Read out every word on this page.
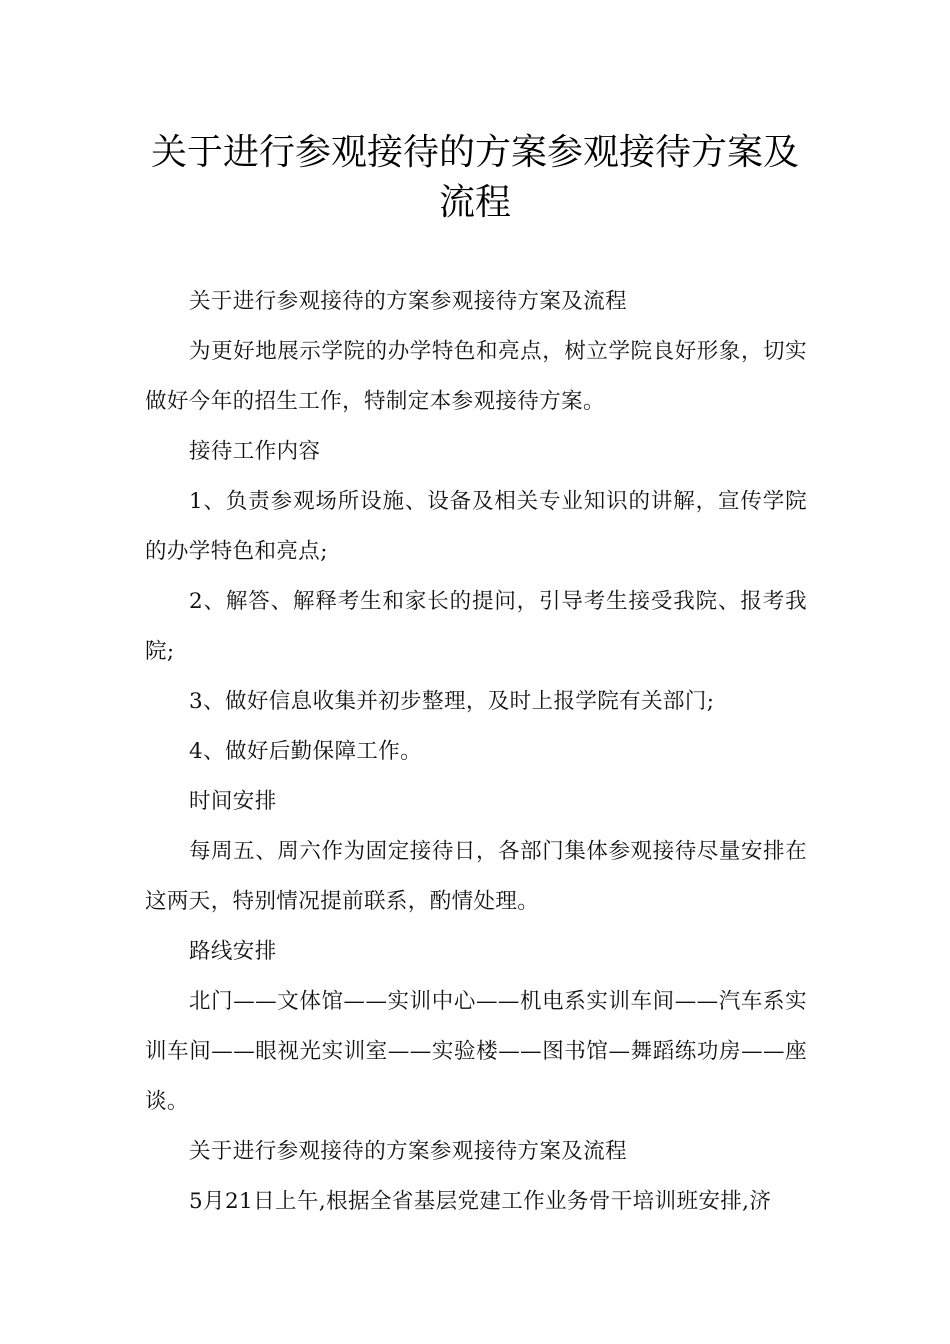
关于进行参观接待的方案参观接待方案及流程

关于进行参观接待的方案参观接待方案及流程

为更好地展示学院的办学特色和亮点，树立学院良好形象，切实做好今年的招生工作，特制定本参观接待方案。

接待工作内容

1、负责参观场所设施、设备及相关专业知识的讲解，宣传学院的办学特色和亮点;

2、解答、解释考生和家长的提问，引导考生接受我院、报考我院;

3、做好信息收集并初步整理，及时上报学院有关部门;

4、做好后勤保障工作。

时间安排

每周五、周六作为固定接待日，各部门集体参观接待尽量安排在这两天，特别情况提前联系，酌情处理。

路线安排

北门——文体馆——实训中心——机电系实训车间——汽车系实训车间——眼视光实训室——实验楼——图书馆—舞蹈练功房——座谈。

关于进行参观接待的方案参观接待方案及流程

5月21日上午,根据全省基层党建工作业务骨干培训班安排,济
